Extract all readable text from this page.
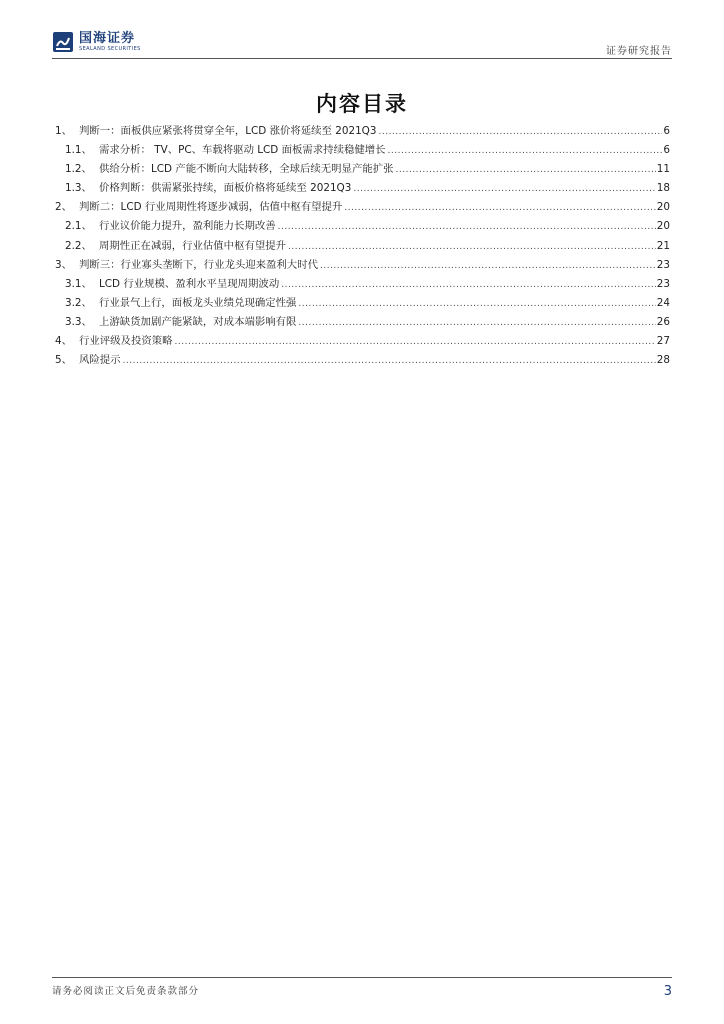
国海证券
SEALAND SECURITIES	证券研究报告
内容目录
1、 判断一：面板供应紧张将贯穿全年，LCD 涨价将延续至 2021Q3 .....	6
1.1、 需求分析： TV、PC、车载将驱动 LCD 面板需求持续稳健增长 .....	6
1.2、 供给分析：LCD 产能不断向大陆转移，全球后续无明显产能扩张 .....	11
1.3、 价格判断：供需紧张持续，面板价格将延续至 2021Q3 .....	18
2、 判断二：LCD 行业周期性将逐步减弱，估值中枢有望提升 .....	20
2.1、 行业议价能力提升，盈利能力长期改善 .....	20
2.2、 周期性正在减弱，行业估值中枢有望提升 .....	21
3、 判断三：行业寡头垄断下，行业龙头迎来盈利大时代 .....	23
3.1、 LCD 行业规模、盈利水平呈现周期波动 .....	23
3.2、 行业景气上行，面板龙头业绩兑现确定性强 .....	24
3.3、 上游缺货加剧产能紧缺，对成本端影响有限 .....	26
4、 行业评级及投资策略 .....	27
5、 风险提示 .....	28
请务必阅读正文后免责条款部分	3
